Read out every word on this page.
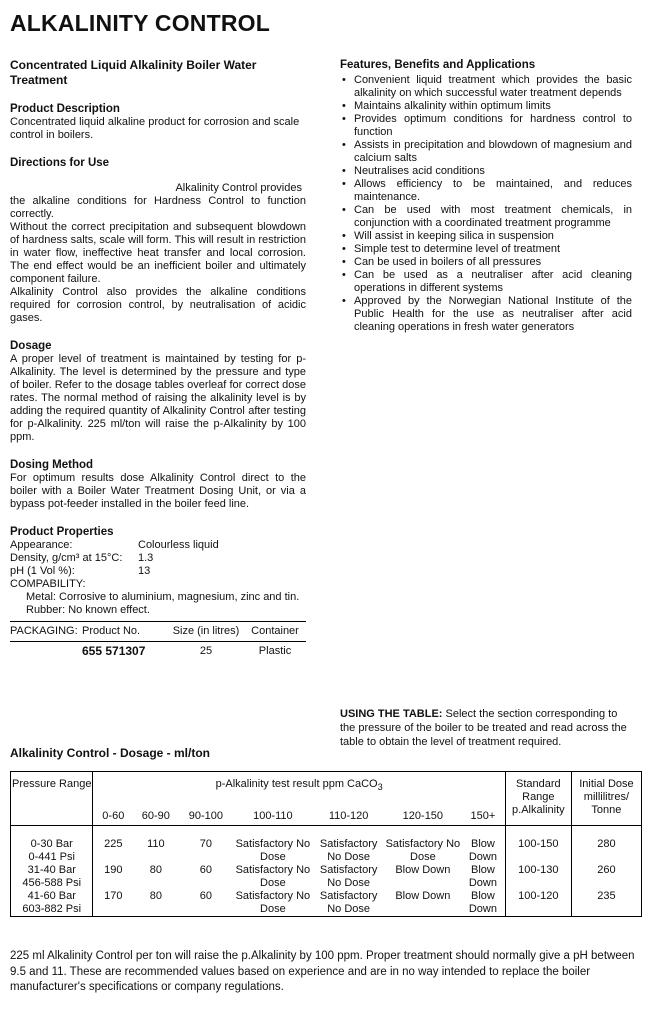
ALKALINITY CONTROL
Concentrated Liquid Alkalinity Boiler Water Treatment
Product Description

Concentrated liquid alkaline product for corrosion and scale control in boilers.

Directions for Use

Alkalinity Control provides

the alkaline conditions for Hardness Control to function correctly.

Without the correct precipitation and subsequent blowdown of hardness salts, scale will form. This will result in restriction in water flow, ineffective heat transfer and local corrosion. The end effect would be an inefficient boiler and ultimately component failure.

Alkalinity Control also provides the alkaline conditions required for corrosion control, by neutralisation of acidic gases.

Dosage

A proper level of treatment is maintained by testing for p-Alkalinity. The level is determined by the pressure and type of boiler. Refer to the dosage tables overleaf for correct dose rates. The normal method of raising the alkalinity level is by adding the required quantity of Alkalinity Control after testing for p-Alkalinity. 225 ml/ton will raise the p-Alkalinity by 100 ppm.

Dosing Method

For optimum results dose Alkalinity Control direct to the boiler with a Boiler Water Treatment Dosing Unit, or via a bypass pot-feeder installed in the boiler feed line.

Product Properties
Appearance:	Colourless liquid
Density, g/cm³ at 15°C:	1.3
pH (1 Vol %):	13

COMPABILITY:

Metal: Corrosive to aluminium, magnesium, zinc and tin.

Rubber: No known effect.

PACKAGING: Product No.	Size (in litres)	Container
655 571307	25	Plastic
Features, Benefits and Applications
• Convenient liquid treatment which provides the basic alkalinity on which successful water treatment depends
• Maintains alkalinity within optimum limits
• Provides optimum conditions for hardness control to function
• Assists in precipitation and blowdown of magnesium and calcium salts
• Neutralises acid conditions
• Allows efficiency to be maintained, and reduces maintenance.
• Can be used with most treatment chemicals, in conjunction with a coordinated treatment programme
• Will assist in keeping silica in suspension
• Simple test to determine level of treatment
• Can be used in boilers of all pressures
• Can be used as a neutraliser after acid cleaning operations in different systems
• Approved by the Norwegian National Institute of the Public Health for the use as neutraliser after acid cleaning operations in fresh water generators
USING THE TABLE: Select the section corresponding to the pressure of the boiler to be treated and read across the table to obtain the level of treatment required.
Alkalinity Control - Dosage - ml/ton
Pressure Range	p-Alkalinity test result ppm CaCO$_3$							Standard Range p.Alkalinity	Initial Dose millilitres/ Tonne
	0-60	60-90	90-100	100-110	110-120	120-150	150+		

0-30 Bar
0-441 Psi	225	110	70	Satisfactory No Dose	Satisfactory No Dose	Satisfactory No Dose	Blow Down	100-150	280

31-40 Bar
456-588 Psi	190	80	60	Satisfactory No Dose	Satisfactory No Dose	Blow Down	Blow Down	100-130	260

41-60 Bar
603-882 Psi	170	80	60	Satisfactory No Dose	Satisfactory No Dose	Blow Down	Blow Down	100-120	235
225 ml Alkalinity Control per ton will raise the p.Alkalinity by 100 ppm. Proper treatment should normally give a pH between 9.5 and 11. These are recommended values based on experience and are in no way intended to replace the boiler manufacturer's specifications or company regulations.
